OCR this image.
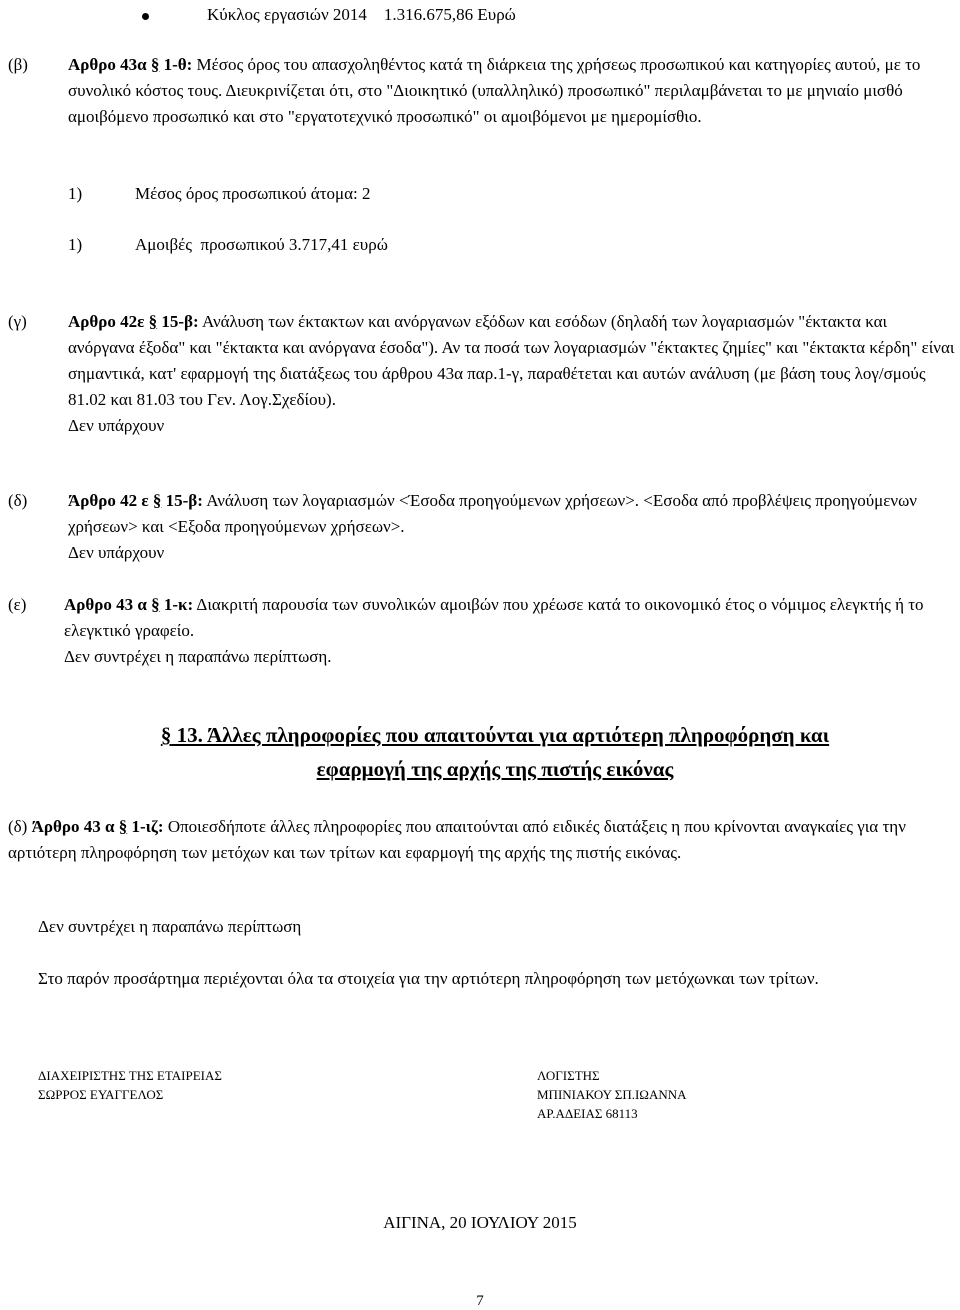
Κύκλος εργασιών 2014    1.316.675,86 Ευρώ
(β) Αρθρο 43α § 1-θ: Μέσος όρος του απασχοληθέντος κατά τη διάρκεια της χρήσεως προσωπικού και κατηγορίες αυτού, με το συνολικό κόστος τους. Διευκρινίζεται ότι, στο "Διοικητικό (υπαλληλικό) προσωπικό" περιλαμβάνεται το με μηνιαίο μισθό αμοιβόμενο προσωπικό και στο "εργατοτεχνικό προσωπικό" οι αμοιβόμενοι με ημερομίσθιο.
1)	Μέσος όρος προσωπικού άτομα: 2
1)	Αμοιβές  προσωπικού 3.717,41 ευρώ
(γ) Αρθρο 42ε § 15-β: Ανάλυση των έκτακτων και ανόργανων εξόδων και εσόδων (δηλαδή των λογαριασμών "έκτακτα και ανόργανα έξοδα" και "έκτακτα και ανόργανα έσοδα"). Αν τα ποσά των λογαριασμών "έκτακτες ζημίες" και "έκτακτα κέρδη" είναι σημαντικά, κατ' εφαρμογή της διατάξεως του άρθρου 43α παρ.1-γ, παραθέτεται και αυτών ανάλυση (με βάση τους λογ/σμούς 81.02 και 81.03 του Γεν. Λογ.Σχεδίου).
Δεν υπάρχουν
(δ) Άρθρο 42 ε § 15-β: Ανάλυση των λογαριασμών <Έσοδα προηγούμενων χρήσεων>. <Εσοδα από προβλέψεις προηγούμενων χρήσεων> και <Εξοδα προηγούμενων χρήσεων>.
Δεν υπάρχουν
(ε) Αρθρο 43 α § 1-κ: Διακριτή παρουσία των συνολικών αμοιβών που χρέωσε κατά το οικονομικό έτος ο νόμιμος ελεγκτής ή το ελεγκτικό γραφείο.
Δεν συντρέχει η παραπάνω περίπτωση.
§ 13. Άλλες πληροφορίες που απαιτούνται για αρτιότερη πληροφόρηση και
εφαρμογή της αρχής της πιστής εικόνας
(δ) Άρθρο 43 α § 1-ιζ: Οποιεσδήποτε άλλες πληροφορίες που απαιτούνται από ειδικές διατάξεις η που κρίνονται αναγκαίες για την αρτιότερη πληροφόρηση των μετόχων και των τρίτων και εφαρμογή της αρχής της πιστής εικόνας.
Δεν συντρέχει η παραπάνω περίπτωση
Στο παρόν προσάρτημα περιέχονται όλα τα στοιχεία για την αρτιότερη πληροφόρηση των μετόχωνκαι των τρίτων.
ΔΙΑΧΕΙΡΙΣΤΗΣ ΤΗΣ ΕΤΑΙΡΕΙΑΣ
ΣΩΡΡΟΣ ΕΥΑΓΓΕΛΟΣ
ΛΟΓΙΣΤΗΣ
ΜΠΙΝΙΑΚΟΥ ΣΠ.ΙΩΑΝΝΑ
ΑΡ.ΑΔΕΙΑΣ 68113
ΑΙΓΙΝΑ, 20 ΙΟΥΛΙΟΥ 2015
7
